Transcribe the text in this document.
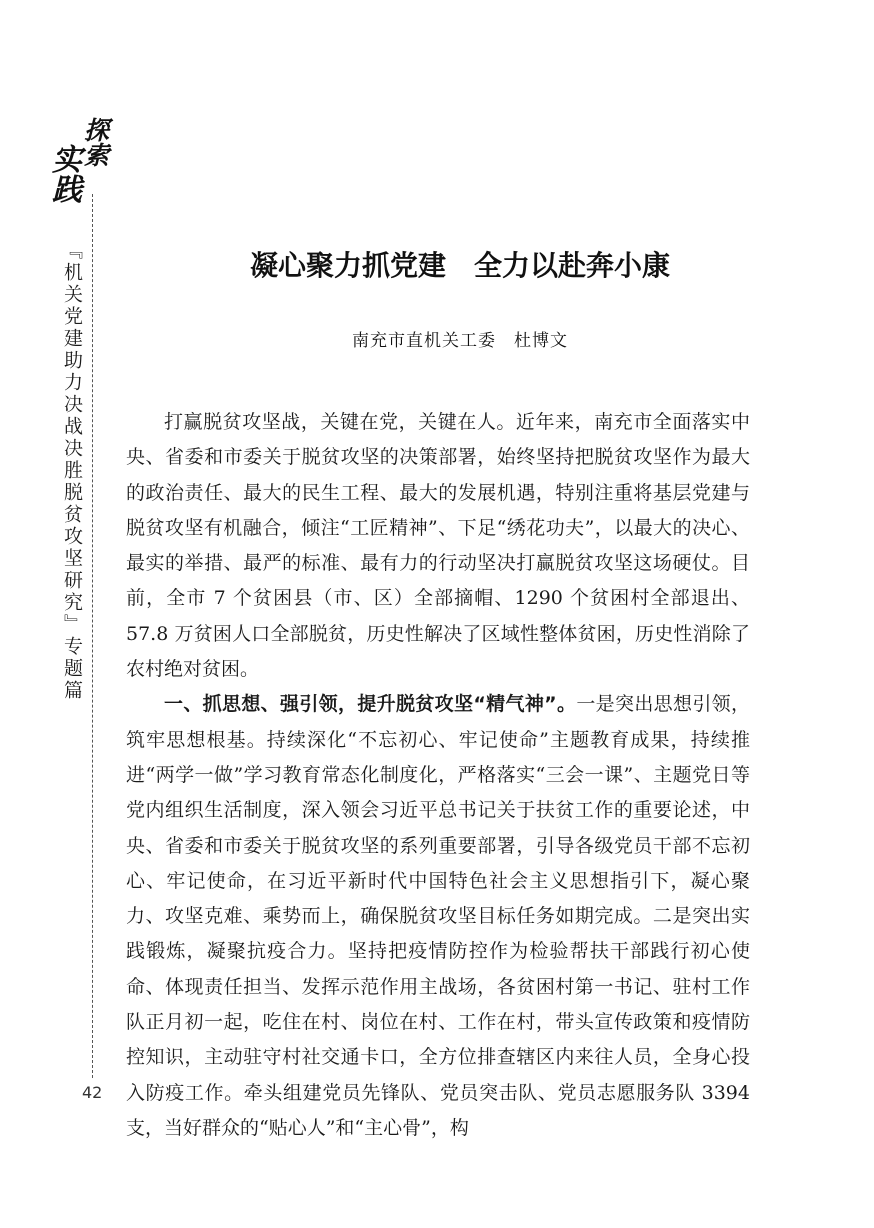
探
索
实
践
『机关党建助力决战决胜脱贫攻坚研究』专题篇
42
凝心聚力抓党建　全力以赴奔小康
南充市直机关工委　杜博文

打赢脱贫攻坚战，关键在党，关键在人。近年来，南充市全面落实中央、省委和市委关于脱贫攻坚的决策部署，始终坚持把脱贫攻坚作为最大的政治责任、最大的民生工程、最大的发展机遇，特别注重将基层党建与脱贫攻坚有机融合，倾注“工匠精神”、下足“绣花功夫”，以最大的决心、最实的举措、最严的标准、最有力的行动坚决打赢脱贫攻坚这场硬仗。目前，全市 7 个贫困县（市、区）全部摘帽、1290 个贫困村全部退出、57.8 万贫困人口全部脱贫，历史性解决了区域性整体贫困，历史性消除了农村绝对贫困。

一、抓思想、强引领，提升脱贫攻坚“精气神”。一是突出思想引领，筑牢思想根基。持续深化“不忘初心、牢记使命”主题教育成果，持续推进“两学一做”学习教育常态化制度化，严格落实“三会一课”、主题党日等党内组织生活制度，深入领会习近平总书记关于扶贫工作的重要论述，中央、省委和市委关于脱贫攻坚的系列重要部署，引导各级党员干部不忘初心、牢记使命，在习近平新时代中国特色社会主义思想指引下，凝心聚力、攻坚克难、乘势而上，确保脱贫攻坚目标任务如期完成。二是突出实践锻炼，凝聚抗疫合力。坚持把疫情防控作为检验帮扶干部践行初心使命、体现责任担当、发挥示范作用主战场，各贫困村第一书记、驻村工作队正月初一起，吃住在村、岗位在村、工作在村，带头宣传政策和疫情防控知识，主动驻守村社交通卡口，全方位排查辖区内来往人员，全身心投入防疫工作。牵头组建党员先锋队、党员突击队、党员志愿服务队 3394 支，当好群众的“贴心人”和“主心骨”，构
